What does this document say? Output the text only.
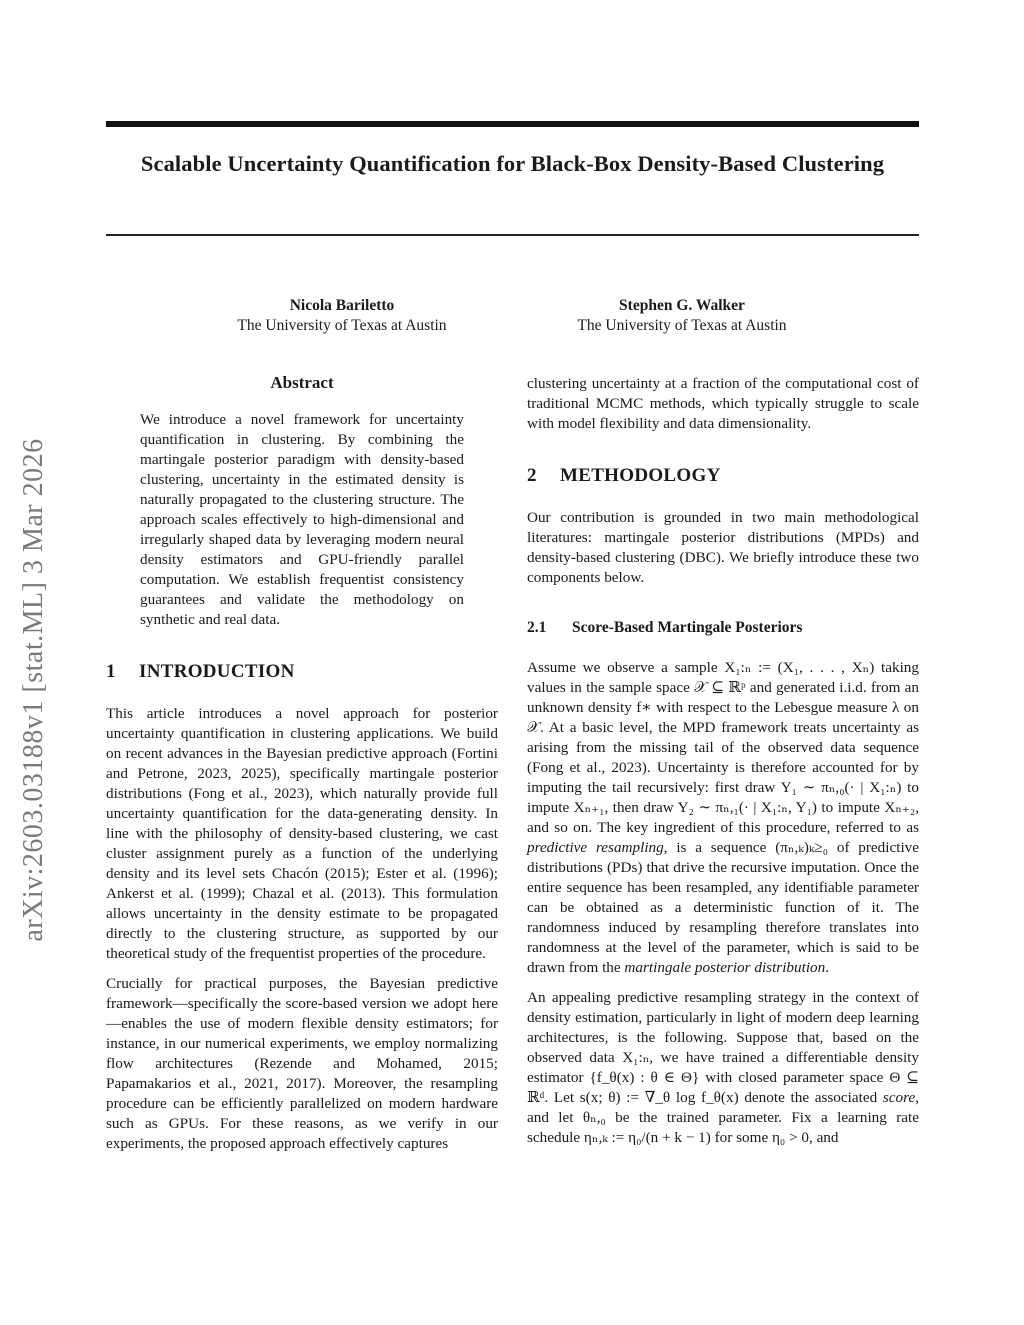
Scalable Uncertainty Quantification for Black-Box Density-Based Clustering
Nicola Bariletto
The University of Texas at Austin
Stephen G. Walker
The University of Texas at Austin
arXiv:2603.03188v1 [stat.ML] 3 Mar 2026
Abstract

We introduce a novel framework for uncertainty quantification in clustering. By combining the martingale posterior paradigm with density-based clustering, uncertainty in the estimated density is naturally propagated to the clustering structure. The approach scales effectively to high-dimensional and irregularly shaped data by leveraging modern neural density estimators and GPU-friendly parallel computation. We establish frequentist consistency guarantees and validate the methodology on synthetic and real data.

1 INTRODUCTION

This article introduces a novel approach for posterior uncertainty quantification in clustering applications. We build on recent advances in the Bayesian predictive approach (Fortini and Petrone, 2023, 2025), specifically martingale posterior distributions (Fong et al., 2023), which naturally provide full uncertainty quantification for the data-generating density. In line with the philosophy of density-based clustering, we cast cluster assignment purely as a function of the underlying density and its level sets Chacón (2015); Ester et al. (1996); Ankerst et al. (1999); Chazal et al. (2013). This formulation allows uncertainty in the density estimate to be propagated directly to the clustering structure, as supported by our theoretical study of the frequentist properties of the procedure.

Crucially for practical purposes, the Bayesian predictive framework—specifically the score-based version we adopt here—enables the use of modern flexible density estimators; for instance, in our numerical experiments, we employ normalizing flow architectures (Rezende and Mohamed, 2015; Papamakarios et al., 2021, 2017). Moreover, the resampling procedure can be efficiently parallelized on modern hardware such as GPUs. For these reasons, as we verify in our experiments, the proposed approach effectively captures

clustering uncertainty at a fraction of the computational cost of traditional MCMC methods, which typically struggle to scale with model flexibility and data dimensionality.

2 METHODOLOGY

Our contribution is grounded in two main methodological literatures: martingale posterior distributions (MPDs) and density-based clustering (DBC). We briefly introduce these two components below.

2.1 Score-Based Martingale Posteriors

Assume we observe a sample X₁:ₙ := (X₁, . . . , Xₙ) taking values in the sample space 𝒳 ⊆ ℝᵖ and generated i.i.d. from an unknown density f∗ with respect to the Lebesgue measure λ on 𝒳. At a basic level, the MPD framework treats uncertainty as arising from the missing tail of the observed data sequence (Fong et al., 2023). Uncertainty is therefore accounted for by imputing the tail recursively: first draw Y₁ ∼ πₙ,₀(· | X₁:ₙ) to impute Xₙ₊₁, then draw Y₂ ∼ πₙ,₁(· | X₁:ₙ, Y₁) to impute Xₙ₊₂, and so on. The key ingredient of this procedure, referred to as predictive resampling, is a sequence (πₙ,ₖ)ₖ≥₀ of predictive distributions (PDs) that drive the recursive imputation. Once the entire sequence has been resampled, any identifiable parameter can be obtained as a deterministic function of it. The randomness induced by resampling therefore translates into randomness at the level of the parameter, which is said to be drawn from the martingale posterior distribution.

An appealing predictive resampling strategy in the context of density estimation, particularly in light of modern deep learning architectures, is the following. Suppose that, based on the observed data X₁:ₙ, we have trained a differentiable density estimator {f_θ(x) : θ ∈ Θ} with closed parameter space Θ ⊆ ℝᵈ. Let s(x; θ) := ∇_θ log f_θ(x) denote the associated score, and let θₙ,₀ be the trained parameter. Fix a learning rate schedule ηₙ,ₖ := η₀/(n + k − 1) for some η₀ > 0, and
